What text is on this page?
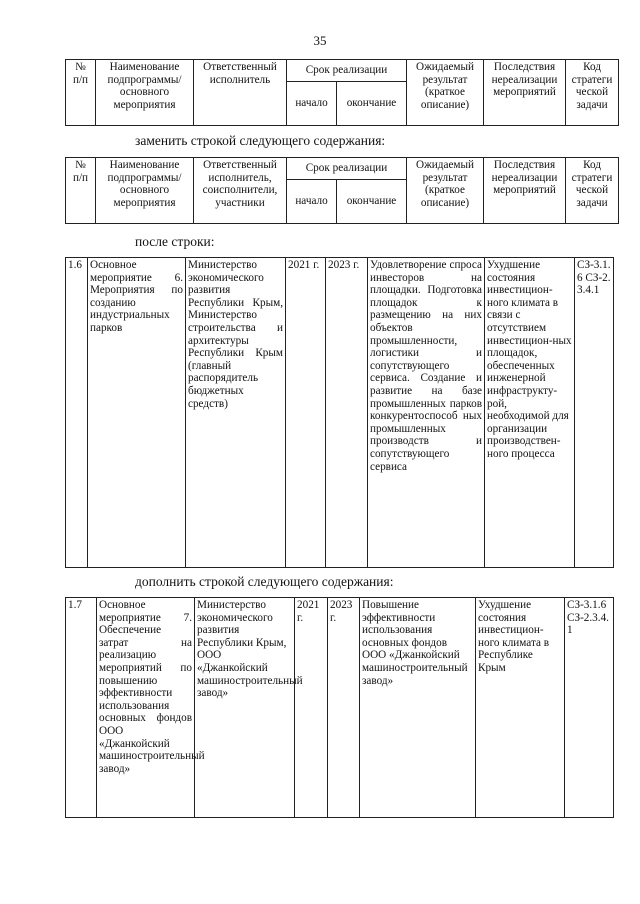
35
№
п/п	Наименование
подпрограммы/
основного
мероприятия	Ответственный
исполнитель	Срок реализации		Ожидаемый
результат
(краткое
описание)	Последствия
нереализации
мероприятий	Код
стратеги
ческой
задачи
			начало	окончание			
заменить строкой следующего содержания:
№
п/п	Наименование
подпрограммы/
основного
мероприятия	Ответственный
исполнитель,
соисполнители,
участники	Срок реализации		Ожидаемый
результат
(краткое
описание)	Последствия
нереализации
мероприятий	Код
стратеги
ческой
задачи
			начало	окончание			
после строки:
1.6	Основное мероприятие 6. Мероприятия по созданию индустриальных парков	Министерство экономического развития Республики Крым, Министерство строительства и архитектуры Республики Крым (главный распорядитель бюджетных средств)	2021 г.	2023 г.	Удовлетворение спроса инвесторов на площадки. Подготовка площадок к размещению на них объектов промышленности, логистики и сопутствующего сервиса. Создание и развитие на базе промышленных парков конкурентоспособ ных промышленных производств и сопутствующего сервиса	Ухудшение состояния инвестицион-ного климата в связи с отсутствием инвестицион-ных площадок, обеспеченных инженерной инфраструкту-рой, необходимой для организации производствен-ного процесса	СЗ-3.1.6 СЗ-2.3.4.1
дополнить строкой следующего содержания:
1.7	Основное мероприятие 7. Обеспечение затрат на реализацию мероприятий по повышению эффективности использования основных фондов ООО «Джанкойский машиностроительный завод»	Министерство экономического развития Республики Крым, ООО «Джанкойский машиностроительный завод»	2021 г.	2023 г.	Повышение эффективности использования основных фондов ООО «Джанкойский машиностроительный завод»	Ухудшение состояния инвестицион-ного климата в Республике Крым	СЗ-3.1.6 СЗ-2.3.4.1
